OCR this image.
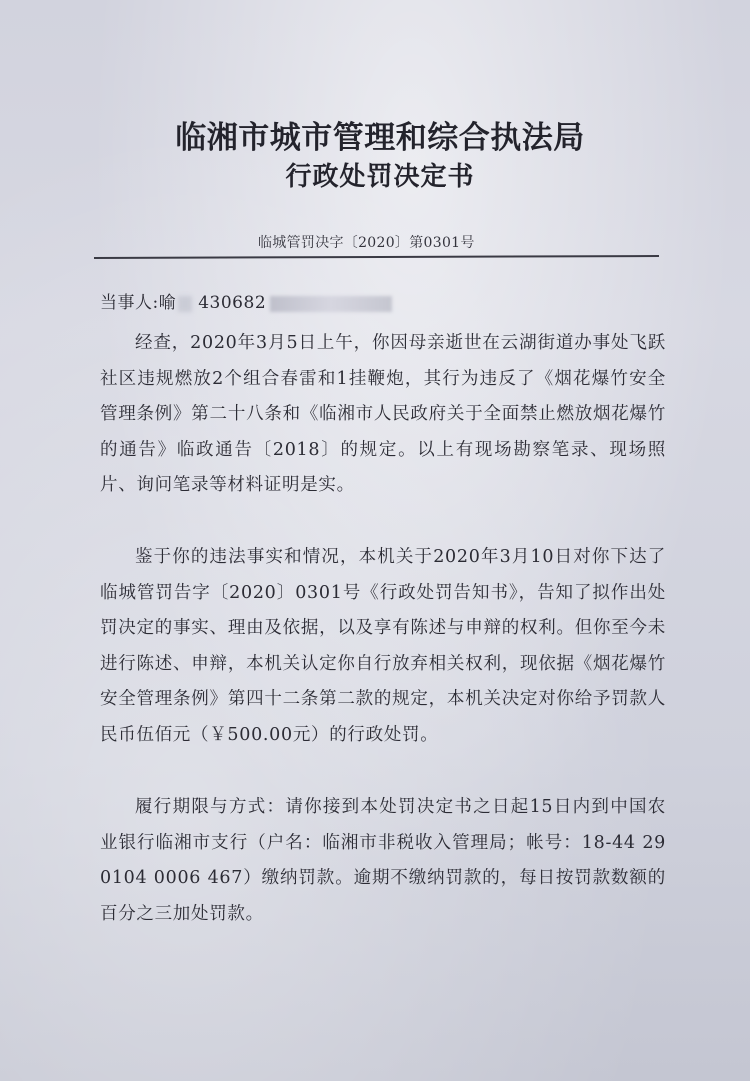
临湘市城市管理和综合执法局
行政处罚决定书
临城管罚决字〔2020〕第0301号
当事人:喻 430682
经查，2020年3月5日上午，你因母亲逝世在云湖街道办事处飞跃社区违规燃放2个组合春雷和1挂鞭炮，其行为违反了《烟花爆竹安全管理条例》第二十八条和《临湘市人民政府关于全面禁止燃放烟花爆竹的通告》临政通告〔2018〕的规定。以上有现场勘察笔录、现场照片、询问笔录等材料证明是实。
鉴于你的违法事实和情况，本机关于2020年3月10日对你下达了临城管罚告字〔2020〕0301号《行政处罚告知书》，告知了拟作出处罚决定的事实、理由及依据，以及享有陈述与申辩的权利。但你至今未进行陈述、申辩，本机关认定你自行放弃相关权利，现依据《烟花爆竹安全管理条例》第四十二条第二款的规定，本机关决定对你给予罚款人民币伍佰元（￥500.00元）的行政处罚。
履行期限与方式：请你接到本处罚决定书之日起15日内到中国农业银行临湘市支行（户名：临湘市非税收入管理局；帐号：18-44 29 0104 0006 467）缴纳罚款。逾期不缴纳罚款的，每日按罚款数额的百分之三加处罚款。
